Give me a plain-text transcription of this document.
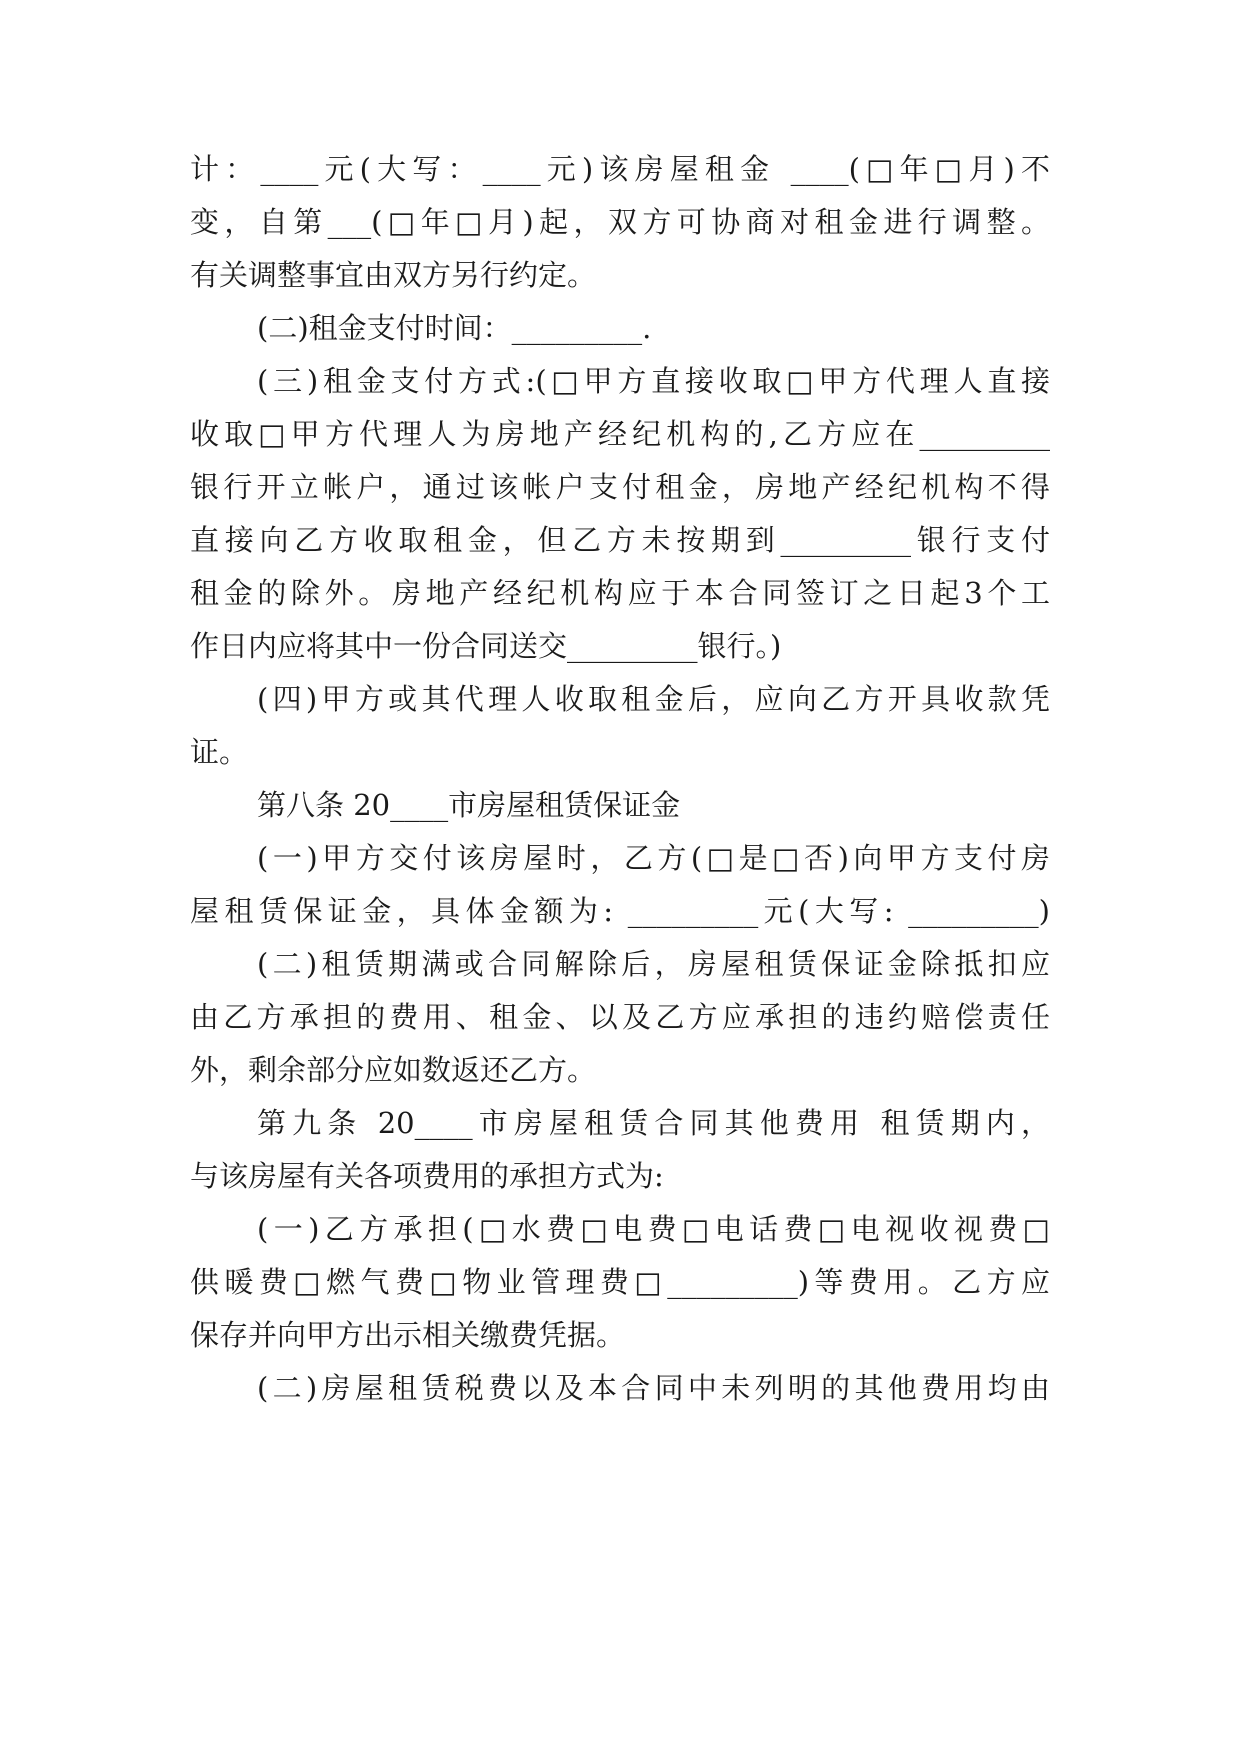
计：____元(大写：____元)该房屋租金 ____(□年□月)不
变，自第___(□年□月)起，双方可协商对租金进行调整。
有关调整事宜由双方另行约定。
(二)租金支付时间：_________.
(三)租金支付方式:(□甲方直接收取□甲方代理人直接
收取□甲方代理人为房地产经纪机构的,乙方应在_________
银行开立帐户，通过该帐户支付租金，房地产经纪机构不得
直接向乙方收取租金，但乙方未按期到_________银行支付
租金的除外。房地产经纪机构应于本合同签订之日起3个工
作日内应将其中一份合同送交_________银行。)
(四)甲方或其代理人收取租金后，应向乙方开具收款凭
证。
第八条 20____市房屋租赁保证金
(一)甲方交付该房屋时，乙方(□是□否)向甲方支付房
屋租赁保证金，具体金额为: _________元(大写: _________)
(二)租赁期满或合同解除后，房屋租赁保证金除抵扣应
由乙方承担的费用、租金、以及乙方应承担的违约赔偿责任
外，剩余部分应如数返还乙方。
第九条 20____市房屋租赁合同其他费用 租赁期内，
与该房屋有关各项费用的承担方式为:
(一)乙方承担(□水费□电费□电话费□电视收视费□
供暖费□燃气费□物业管理费□_________)等费用。乙方应
保存并向甲方出示相关缴费凭据。
(二)房屋租赁税费以及本合同中未列明的其他费用均由
